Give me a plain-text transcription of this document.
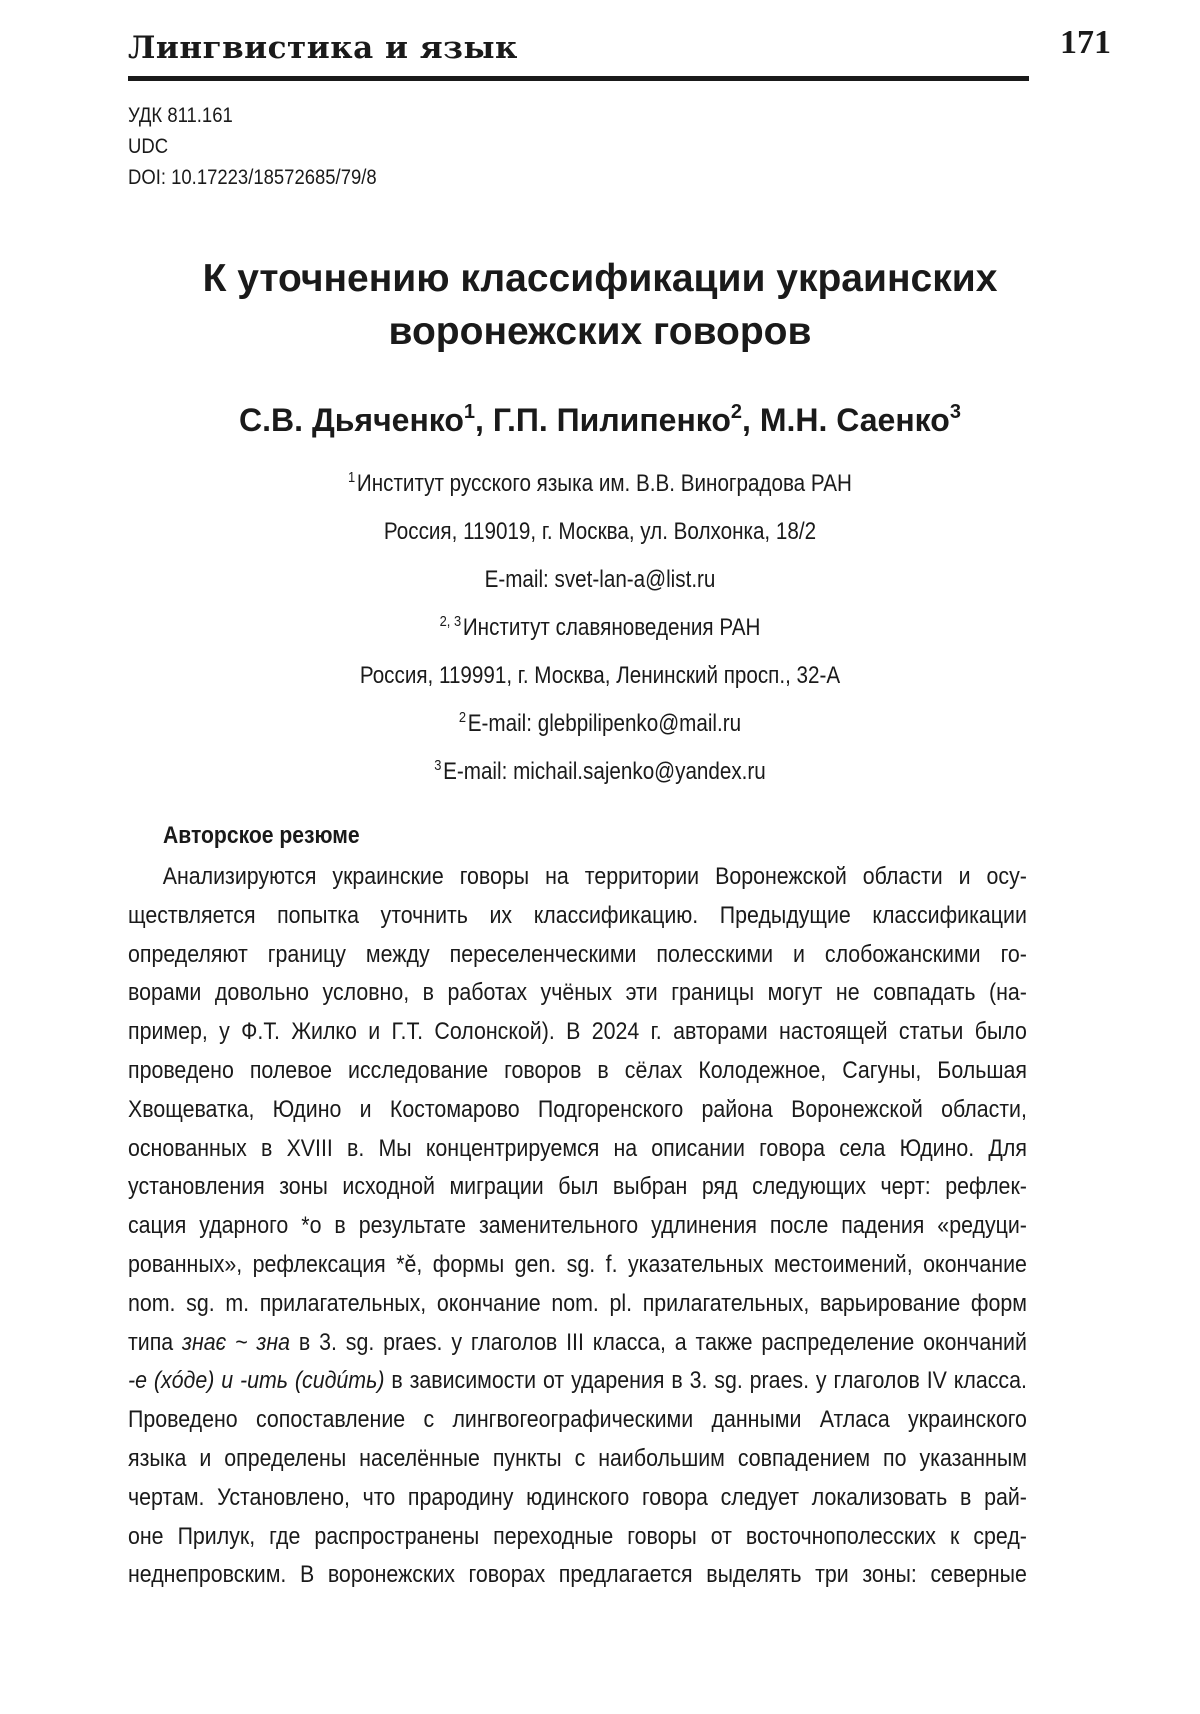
Лингвистика и язык	171
УДК 811.161
UDC
DOI: 10.17223/18572685/79/8
К уточнению классификации украинских
воронежских говоров
С.В. Дьяченко$^1$, Г.П. Пилипенко$^2$, М.Н. Саенко$^3$
$^1$Институт русского языка им. В.В. Виноградова РАН
Россия, 119019, г. Москва, ул. Волхонка, 18/2
E-mail: svet-lan-a@list.ru
$^{2, 3}$Институт славяноведения РАН
Россия, 119991, г. Москва, Ленинский просп., 32-А
$^2$E-mail: glebpilipenko@mail.ru
$^3$E-mail: michail.sajenko@yandex.ru
Авторское резюме
Анализируются украинские говоры на территории Воронежской области и осу-
ществляется попытка уточнить их классификацию. Предыдущие классификации
определяют границу между переселенческими полесскими и слобожанскими го-
ворами довольно условно, в работах учёных эти границы могут не совпадать (на-
пример, у Ф.Т. Жилко и Г.Т. Солонской). В 2024 г. авторами настоящей статьи было
проведено полевое исследование говоров в сёлах Колодежное, Сагуны, Большая
Хвощеватка, Юдино и Костомарово Подгоренского района Воронежской области,
основанных в XVIII в. Мы концентрируемся на описании говора села Юдино. Для
установления зоны исходной миграции был выбран ряд следующих черт: рефлек-
сация ударного *о в результате заменительного удлинения после падения «редуци-
рованных», рефлексация *ě, формы gen. sg. f. указательных местоимений, окончание
nom. sg. m. прилагательных, окончание nom. pl. прилагательных, варьирование форм
типа знає ~ зна в 3. sg. praes. у глаголов III класса, а также распределение окончаний
-е (хóде) и -ить (сидúть) в зависимости от ударения в 3. sg. praes. у глаголов IV класса.
Проведено сопоставление с лингвогеографическими данными Атласа украинского
языка и определены населённые пункты с наибольшим совпадением по указанным
чертам. Установлено, что прародину юдинского говора следует локализовать в рай-
оне Прилук, где распространены переходные говоры от восточнополесских к сред-
неднепровским. В воронежских говорах предлагается выделять три зоны: северные
